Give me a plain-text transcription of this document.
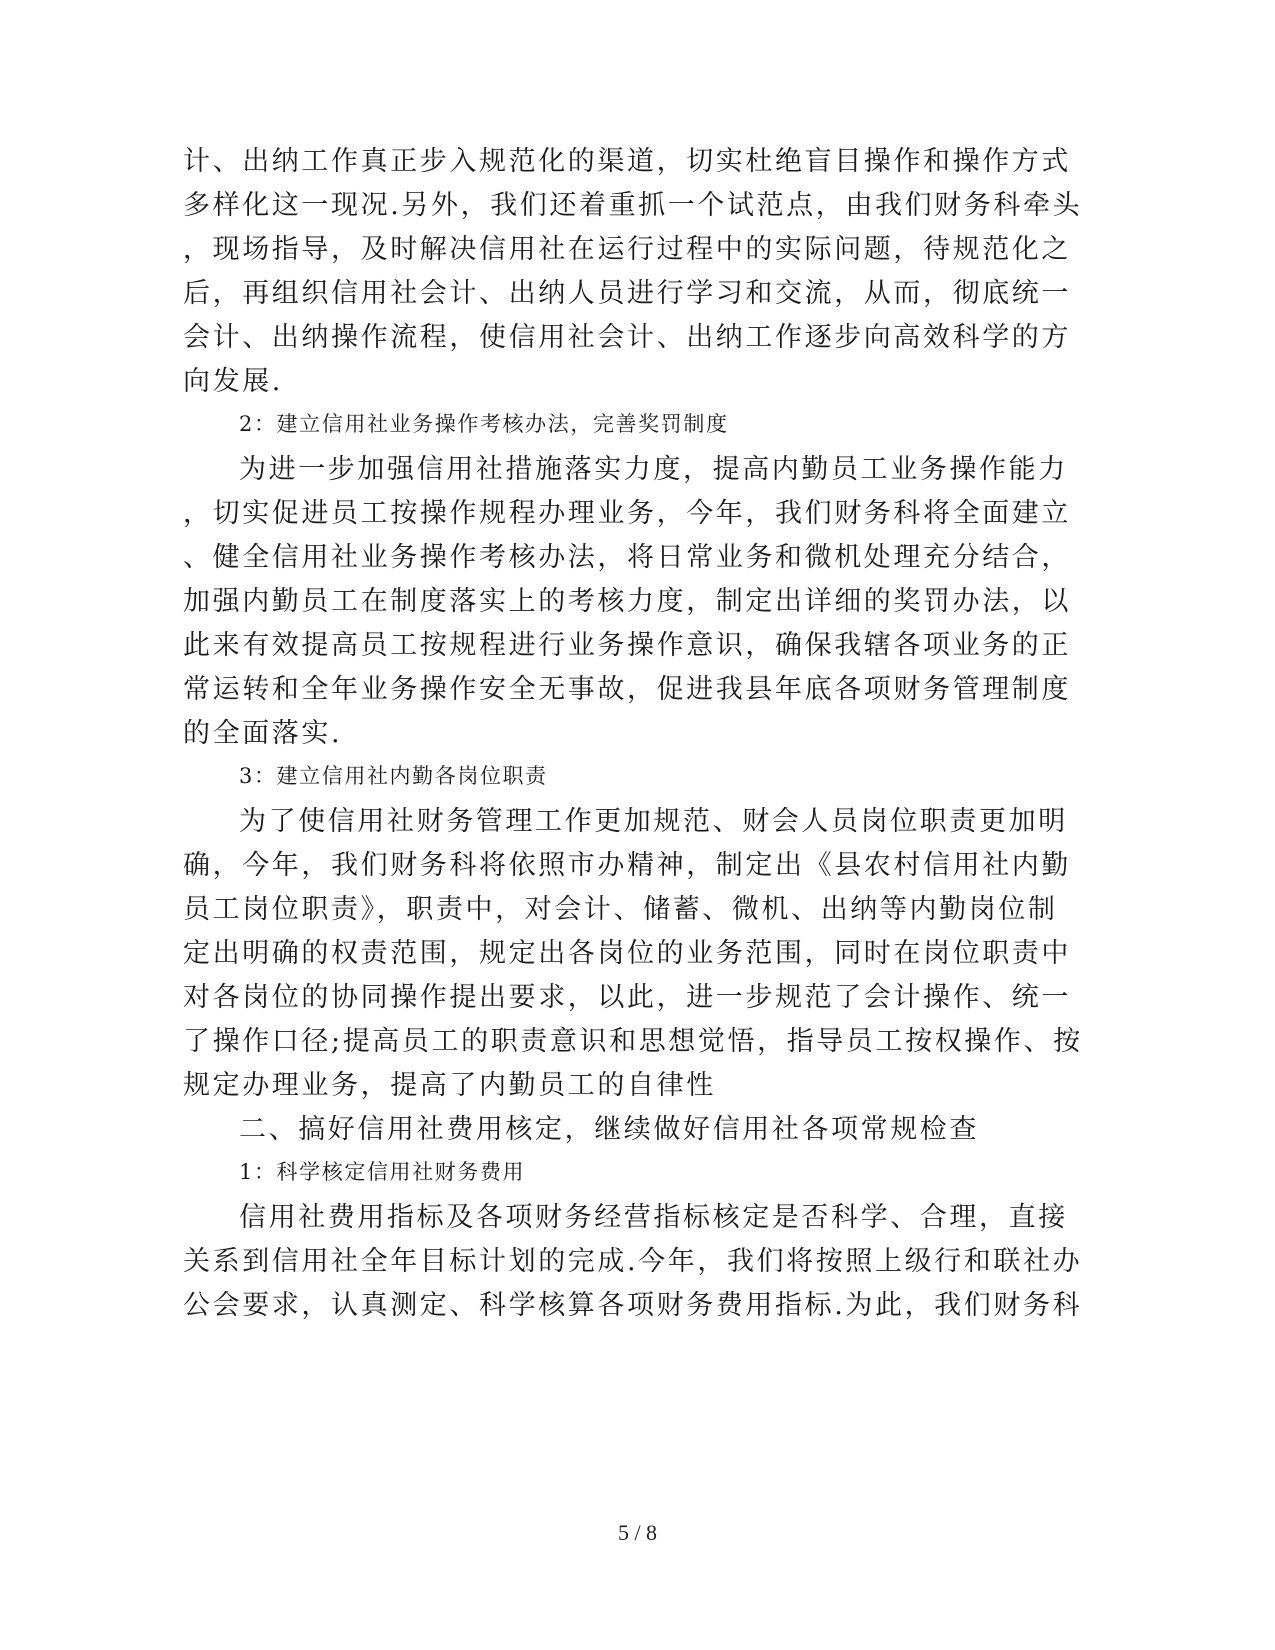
计、出纳工作真正步入规范化的渠道，切实杜绝盲目操作和操作方式
多样化这一现况.另外，我们还着重抓一个试范点，由我们财务科牵头
，现场指导，及时解决信用社在运行过程中的实际问题，待规范化之
后，再组织信用社会计、出纳人员进行学习和交流，从而，彻底统一
会计、出纳操作流程，使信用社会计、出纳工作逐步向高效科学的方
向发展.
2：建立信用社业务操作考核办法，完善奖罚制度
为进一步加强信用社措施落实力度，提高内勤员工业务操作能力
，切实促进员工按操作规程办理业务，今年，我们财务科将全面建立
、健全信用社业务操作考核办法，将日常业务和微机处理充分结合，
加强内勤员工在制度落实上的考核力度，制定出详细的奖罚办法，以
此来有效提高员工按规程进行业务操作意识，确保我辖各项业务的正
常运转和全年业务操作安全无事故，促进我县年底各项财务管理制度
的全面落实.
3：建立信用社内勤各岗位职责
为了使信用社财务管理工作更加规范、财会人员岗位职责更加明
确，今年，我们财务科将依照市办精神，制定出《县农村信用社内勤
员工岗位职责》，职责中，对会计、储蓄、微机、出纳等内勤岗位制
定出明确的权责范围，规定出各岗位的业务范围，同时在岗位职责中
对各岗位的协同操作提出要求，以此，进一步规范了会计操作、统一
了操作口径;提高员工的职责意识和思想觉悟，指导员工按权操作、按
规定办理业务，提高了内勤员工的自律性
二、搞好信用社费用核定，继续做好信用社各项常规检查
1：科学核定信用社财务费用
信用社费用指标及各项财务经营指标核定是否科学、合理，直接
关系到信用社全年目标计划的完成.今年，我们将按照上级行和联社办
公会要求，认真测定、科学核算各项财务费用指标.为此，我们财务科
5 / 8
